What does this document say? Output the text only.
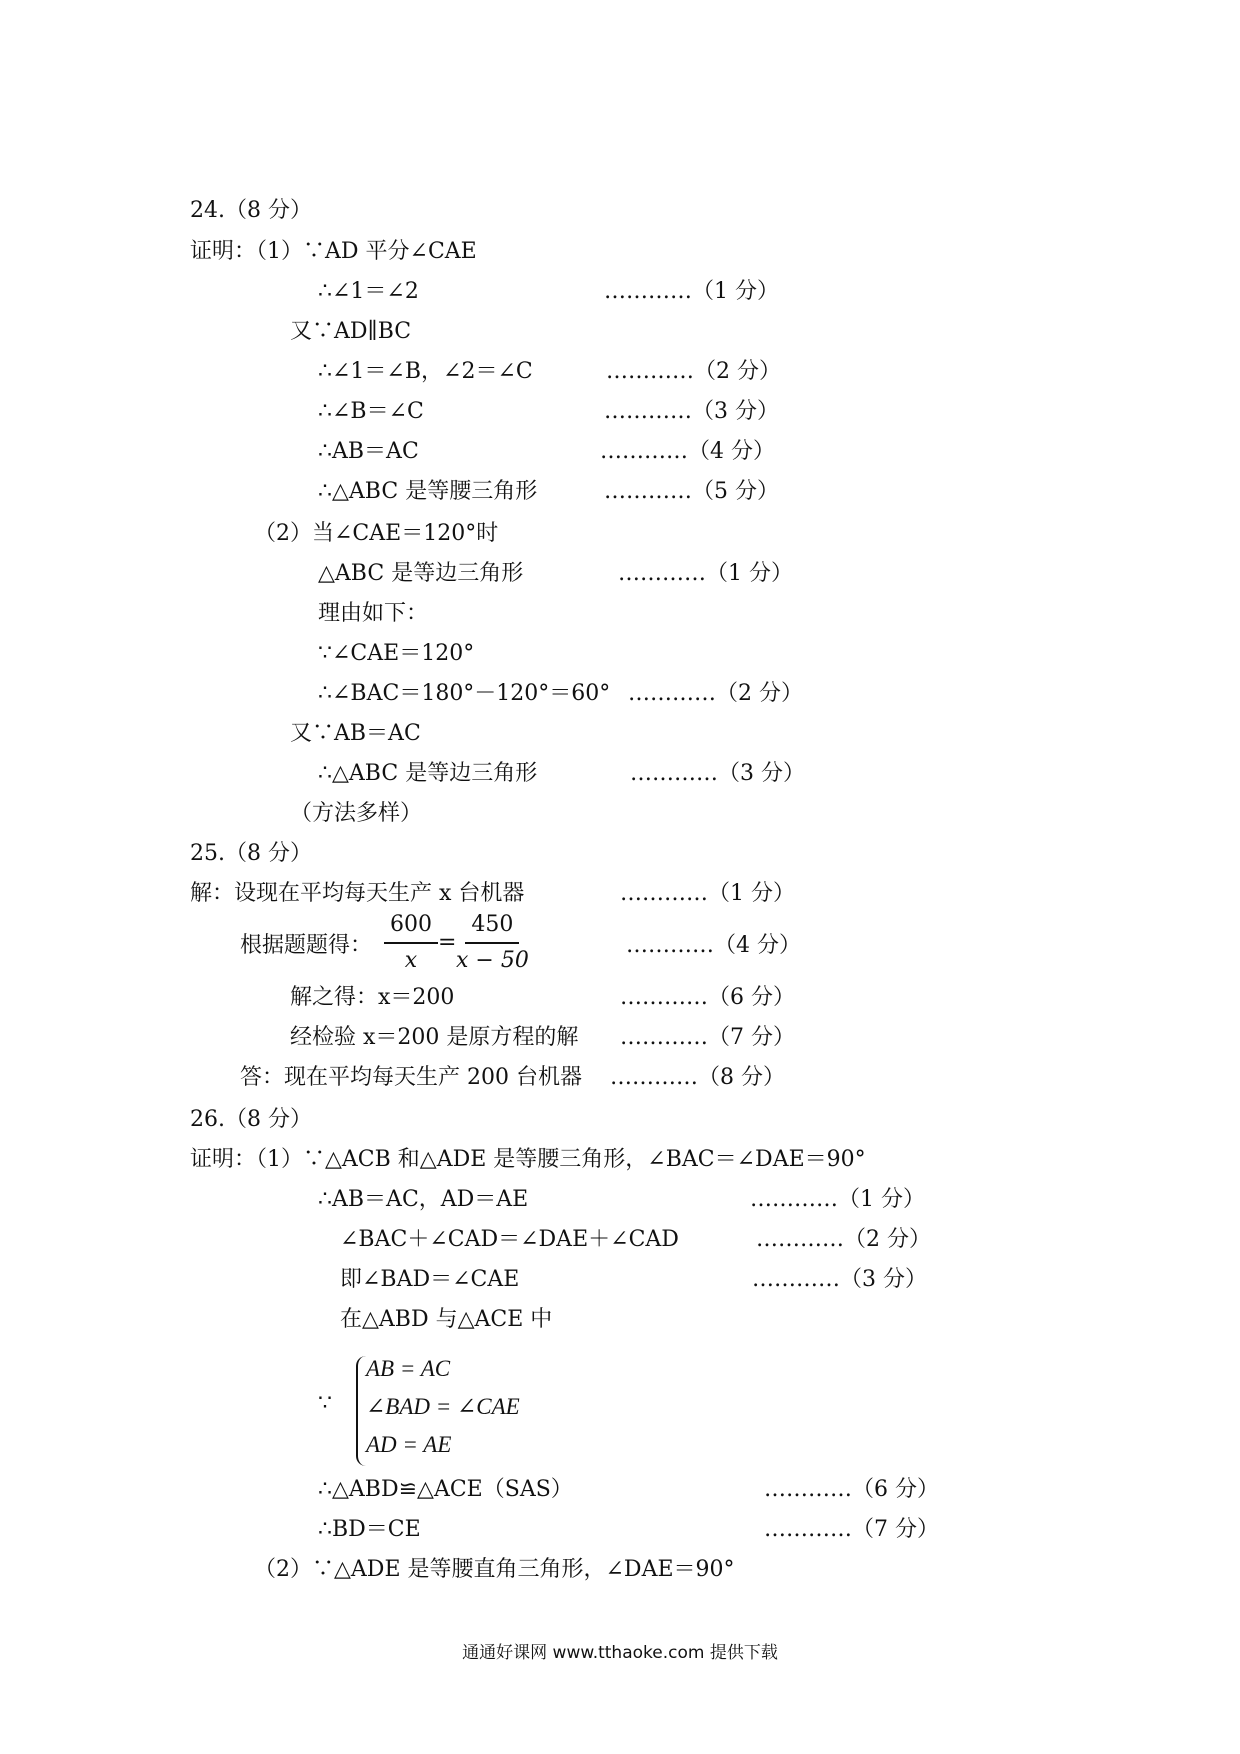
24.（8 分）
证明：（1）∵AD 平分∠CAE
∴∠1＝∠2
又∵AD∥BC
∴∠1＝∠B，∠2＝∠C
∴∠B＝∠C
∴AB＝AC
∴△ABC 是等腰三角形
（2）当∠CAE＝120°时
△ABC 是等边三角形
理由如下：
∵∠CAE＝120°
∴∠BAC＝180°－120°＝60°
又∵AB＝AC
∴△ABC 是等边三角形
（方法多样）
25.（8 分）
解：设现在平均每天生产 x 台机器
根据题题得：
解之得：x＝200
经检验 x＝200 是原方程的解
答：现在平均每天生产 200 台机器
26.（8 分）
证明：（1）∵△ACB 和△ADE 是等腰三角形，∠BAC＝∠DAE＝90°
∴AB＝AC，AD＝AE
∠BAC＋∠CAD＝∠DAE＋∠CAD
即∠BAD＝∠CAE
在△ABD 与△ACE 中
∵
∴△ABD≌△ACE（SAS）
∴BD＝CE
（2）∵△ADE 是等腰直角三角形，∠DAE＝90°
…………（1 分）
…………（2 分）
…………（3 分）
…………（4 分）
…………（5 分）
…………（1 分）
…………（2 分）
…………（3 分）
…………（1 分）
…………（4 分）
…………（6 分）
…………（7 分）
…………（8 分）
…………（1 分）
…………（2 分）
…………（3 分）
…………（6 分）
…………（7 分）
$\frac{600}{x} = \frac{450}{x - 50}$
AB = AC
∠BAD = ∠CAE
AD = AE
通通好课网 www.tthaoke.com 提供下载
